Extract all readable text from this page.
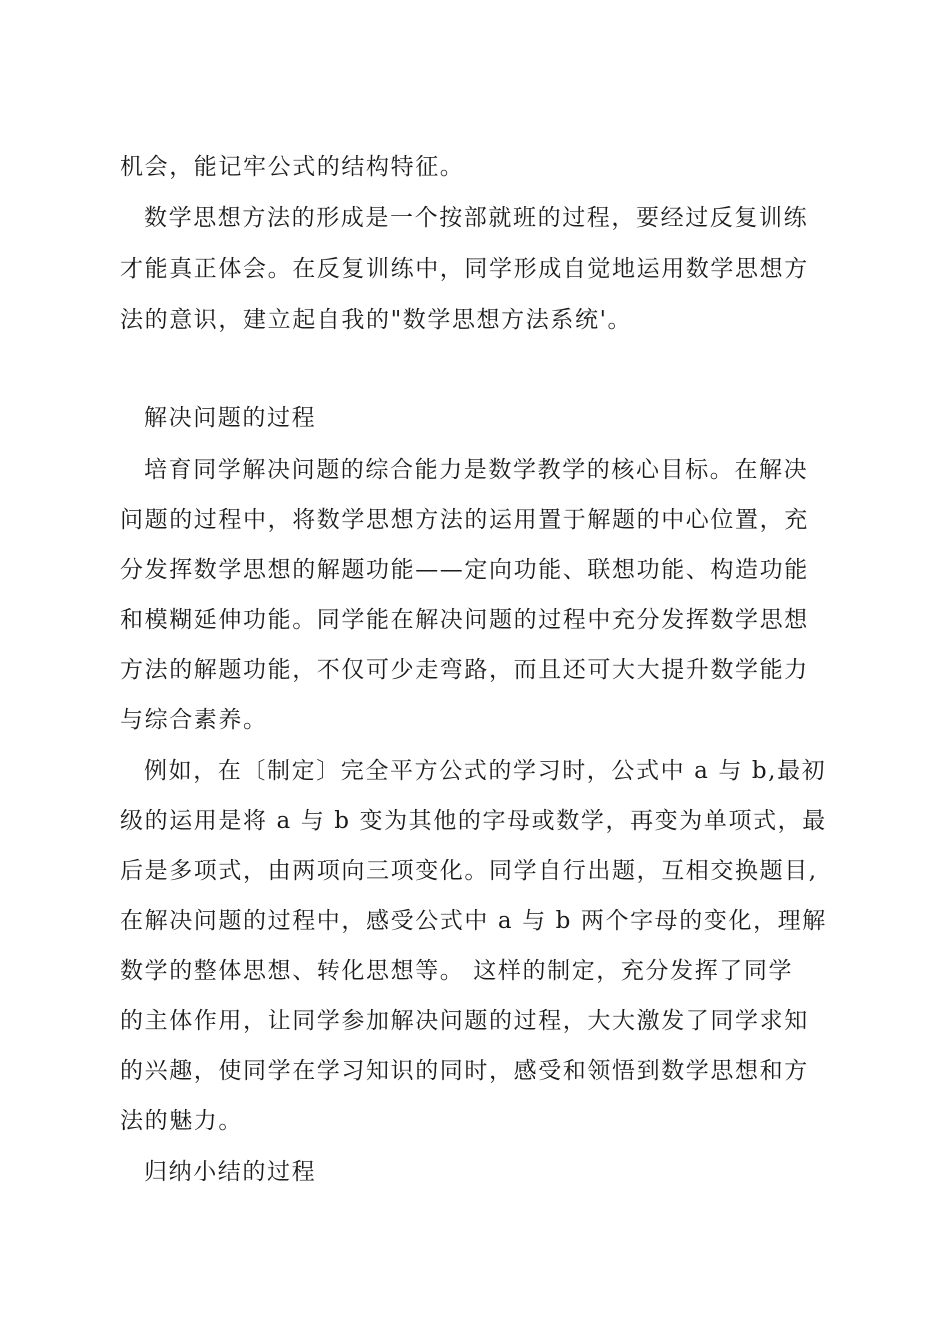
机会，能记牢公式的结构特征。
数学思想方法的形成是一个按部就班的过程，要经过反复训练
才能真正体会。在反复训练中，同学形成自觉地运用数学思想方
法的意识，建立起自我的"数学思想方法系统'。
解决问题的过程
培育同学解决问题的综合能力是数学教学的核心目标。在解决
问题的过程中，将数学思想方法的运用置于解题的中心位置，充
分发挥数学思想的解题功能——定向功能、联想功能、构造功能
和模糊延伸功能。同学能在解决问题的过程中充分发挥数学思想
方法的解题功能，不仅可少走弯路，而且还可大大提升数学能力
与综合素养。
例如，在〔制定〕完全平方公式的学习时，公式中 a 与 b,最初
级的运用是将 a 与 b 变为其他的字母或数学，再变为单项式，最
后是多项式，由两项向三项变化。同学自行出题，互相交换题目,
在解决问题的过程中，感受公式中 a 与 b 两个字母的变化，理解
数学的整体思想、转化思想等。 这样的制定，充分发挥了同学
的主体作用，让同学参加解决问题的过程，大大激发了同学求知
的兴趣，使同学在学习知识的同时，感受和领悟到数学思想和方
法的魅力。
归纳小结的过程
